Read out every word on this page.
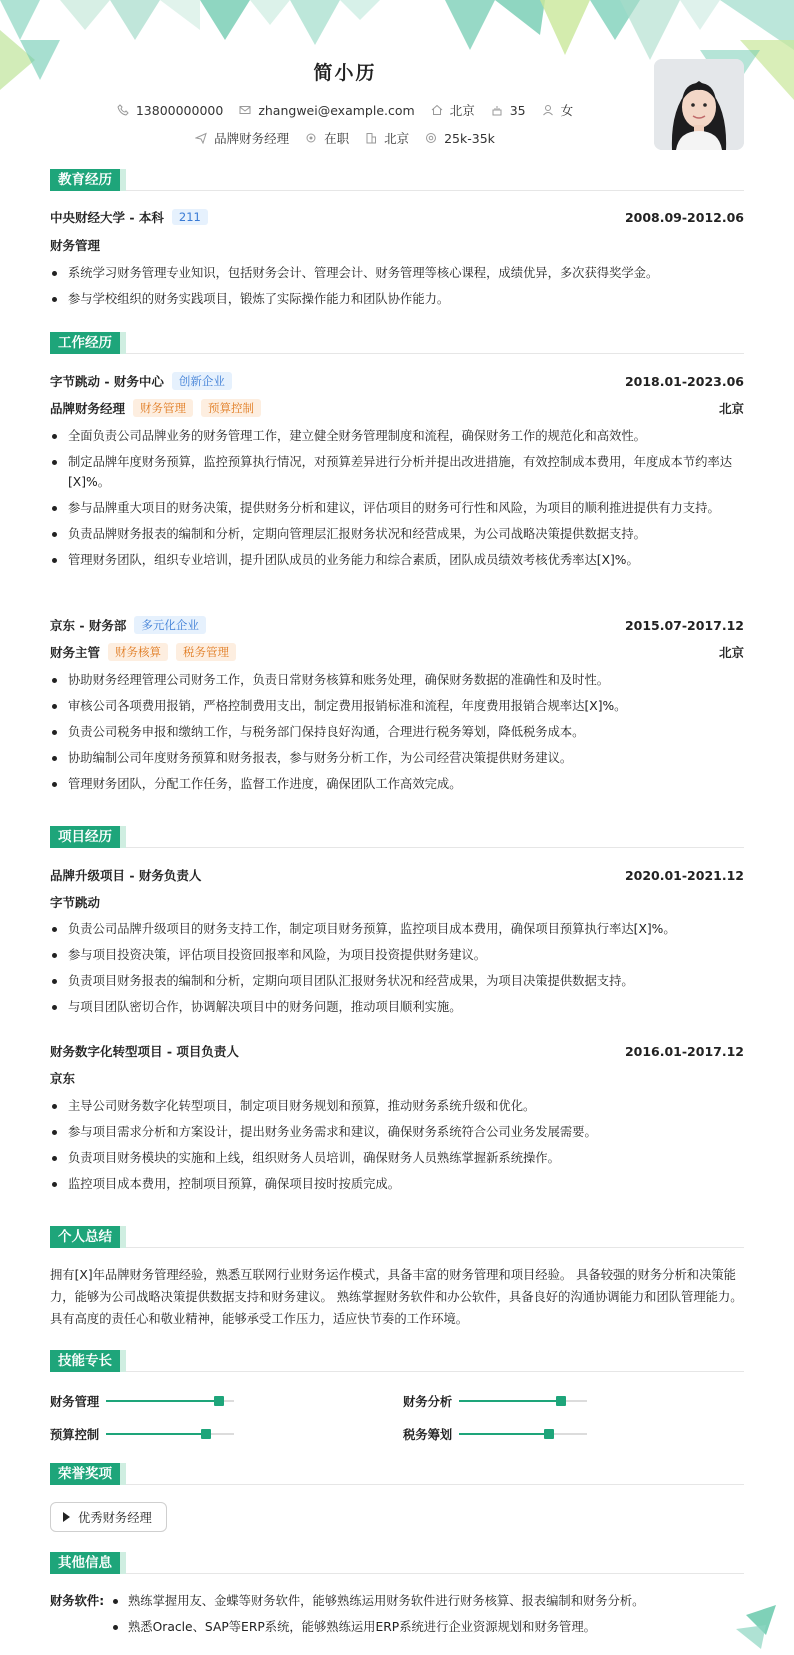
简小历
13800000000	zhangwei@example.com	北京	35	女
品牌财务经理	在职	北京	25k-35k
教育经历
中央财经大学 - 本科	211	2008.09-2012.06
财务管理
系统学习财务管理专业知识，包括财务会计、管理会计、财务管理等核心课程，成绩优异，多次获得奖学金。
参与学校组织的财务实践项目，锻炼了实际操作能力和团队协作能力。
工作经历
字节跳动 - 财务中心	创新企业	2018.01-2023.06
品牌财务经理	财务管理	预算控制	北京
全面负责公司品牌业务的财务管理工作，建立健全财务管理制度和流程，确保财务工作的规范化和高效性。
制定品牌年度财务预算，监控预算执行情况，对预算差异进行分析并提出改进措施，有效控制成本费用，年度成本节约率达[X]%。
参与品牌重大项目的财务决策，提供财务分析和建议，评估项目的财务可行性和风险，为项目的顺利推进提供有力支持。
负责品牌财务报表的编制和分析，定期向管理层汇报财务状况和经营成果，为公司战略决策提供数据支持。
管理财务团队，组织专业培训，提升团队成员的业务能力和综合素质，团队成员绩效考核优秀率达[X]%。
京东 - 财务部	多元化企业	2015.07-2017.12
财务主管	财务核算	税务管理	北京
协助财务经理管理公司财务工作，负责日常财务核算和账务处理，确保财务数据的准确性和及时性。
审核公司各项费用报销，严格控制费用支出，制定费用报销标准和流程，年度费用报销合规率达[X]%。
负责公司税务申报和缴纳工作，与税务部门保持良好沟通，合理进行税务筹划，降低税务成本。
协助编制公司年度财务预算和财务报表，参与财务分析工作，为公司经营决策提供财务建议。
管理财务团队，分配工作任务，监督工作进度，确保团队工作高效完成。
项目经历
品牌升级项目 - 财务负责人	2020.01-2021.12
字节跳动
负责公司品牌升级项目的财务支持工作，制定项目财务预算，监控项目成本费用，确保项目预算执行率达[X]%。
参与项目投资决策，评估项目投资回报率和风险，为项目投资提供财务建议。
负责项目财务报表的编制和分析，定期向项目团队汇报财务状况和经营成果，为项目决策提供数据支持。
与项目团队密切合作，协调解决项目中的财务问题，推动项目顺利实施。
财务数字化转型项目 - 项目负责人	2016.01-2017.12
京东
主导公司财务数字化转型项目，制定项目财务规划和预算，推动财务系统升级和优化。
参与项目需求分析和方案设计，提出财务业务需求和建议，确保财务系统符合公司业务发展需要。
负责项目财务模块的实施和上线，组织财务人员培训，确保财务人员熟练掌握新系统操作。
监控项目成本费用，控制项目预算，确保项目按时按质完成。
个人总结
拥有[X]年品牌财务管理经验，熟悉互联网行业财务运作模式，具备丰富的财务管理和项目经验。 具备较强的财务分析和决策能力，能够为公司战略决策提供数据支持和财务建议。 熟练掌握财务软件和办公软件，具备良好的沟通协调能力和团队管理能力。 具有高度的责任心和敬业精神，能够承受工作压力，适应快节奏的工作环境。
技能专长
财务管理	财务分析
预算控制	税务筹划
荣誉奖项
优秀财务经理
其他信息
财务软件:	熟练掌握用友、金蝶等财务软件，能够熟练运用财务软件进行财务核算、报表编制和财务分析。
熟悉Oracle、SAP等ERP系统，能够熟练运用ERP系统进行企业资源规划和财务管理。
